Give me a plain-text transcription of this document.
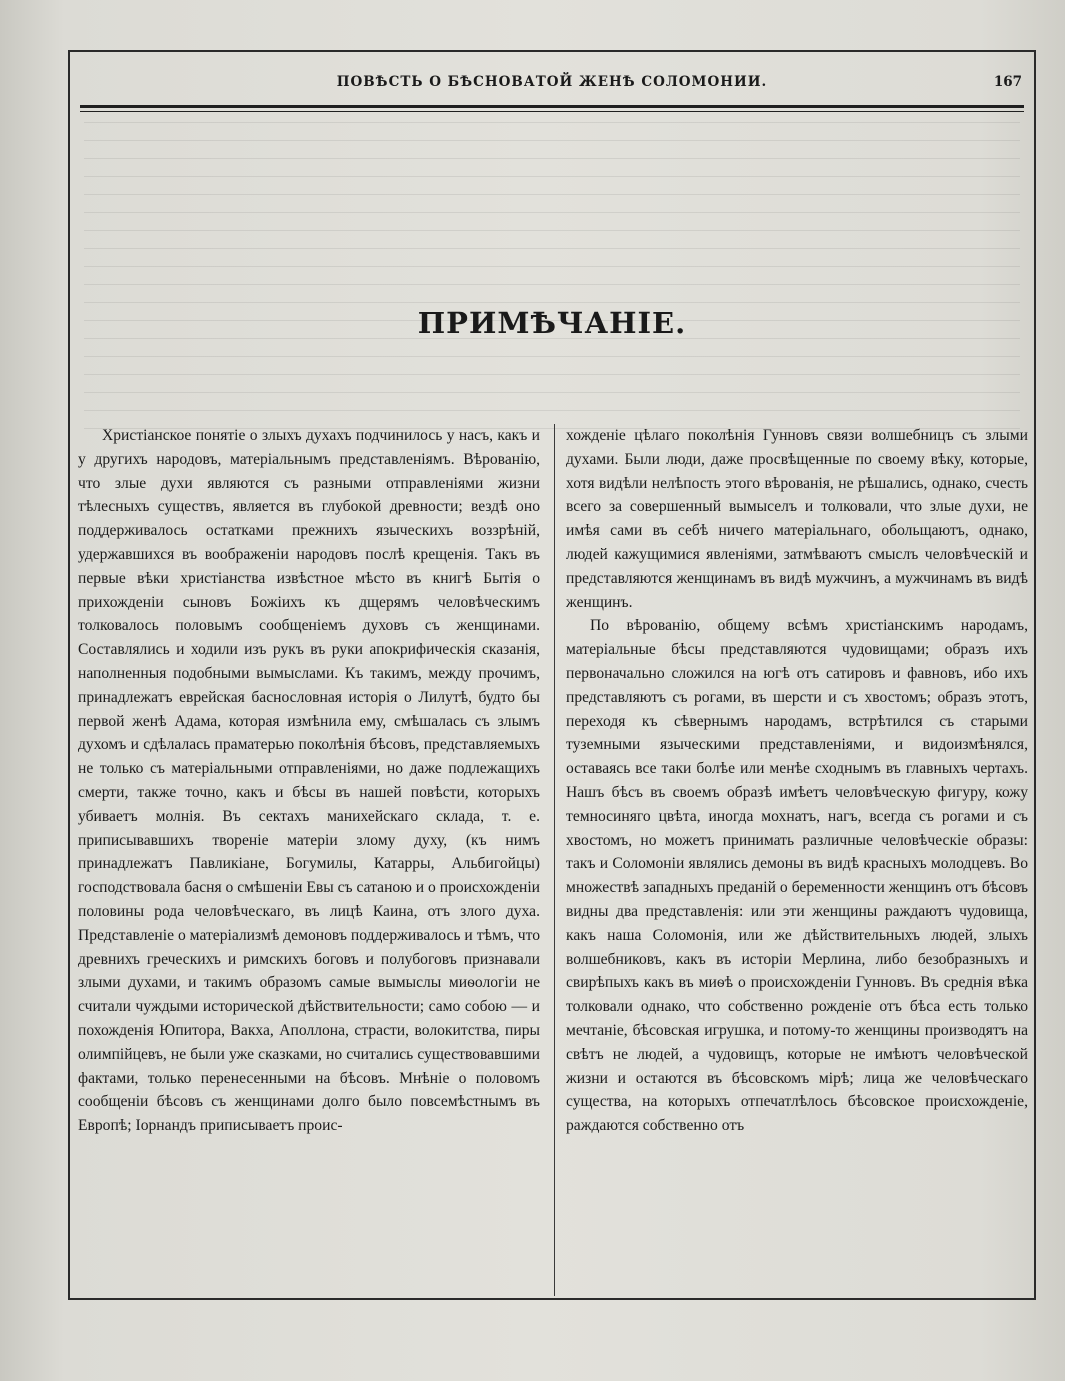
ПОВѢСТЬ О БѢСНОВАТОЙ ЖЕНѢ СОЛОМОНИИ.	167
ПРИМѢЧАНІЕ.

Христіанское понятіе о злыхъ духахъ подчинилось у насъ, какъ и у другихъ народовъ, матеріальнымъ представленіямъ. Вѣрованію, что злые духи являются съ разными отправленіями жизни тѣлесныхъ существъ, является въ глубокой древности; вездѣ оно поддерживалось остатками прежнихъ языческихъ воззрѣній, удержавшихся въ воображеніи народовъ послѣ крещенія. Такъ въ первые вѣки христіанства извѣстное мѣсто въ книгѣ Бытія о прихожденіи сыновъ Божіихъ къ дщерямъ человѣческимъ толковалось половымъ сообщеніемъ духовъ съ женщинами. Составлялись и ходили изъ рукъ въ руки апокрифическія сказанія, наполненныя подобными вымыслами. Къ такимъ, между прочимъ, принадлежатъ еврейская баснословная исторія о Лилутѣ, будто бы первой женѣ Адама, которая измѣнила ему, смѣшалась съ злымъ духомъ и сдѣлалась праматерью поколѣнія бѣсовъ, представляемыхъ не только съ матеріальными отправленіями, но даже подлежащихъ смерти, также точно, какъ и бѣсы въ нашей повѣсти, которыхъ убиваетъ молнія. Въ сектахъ манихейскаго склада, т. е. приписывавшихъ твореніе матеріи злому духу, (къ нимъ принадлежатъ Павликіане, Богумилы, Катарры, Альбигойцы) господствовала басня о смѣшеніи Евы съ сатаною и о происхожденіи половины рода человѣческаго, въ лицѣ Каина, отъ злого духа. Представленіе о матеріализмѣ демоновъ поддерживалось и тѣмъ, что древнихъ греческихъ и римскихъ боговъ и полубоговъ признавали злыми духами, и такимъ образомъ самые вымыслы миѳологіи не считали чуждыми исторической дѣйствительности; само собою — и похожденія Юпитора, Вакха, Аполлона, страсти, волокитства, пиры олимпійцевъ, не были уже сказками, но считались существовавшими фактами, только перенесенными на бѣсовъ. Мнѣніе о половомъ сообщеніи бѣсовъ съ женщинами долго было повсемѣстнымъ въ Европѣ; Іорнандъ приписываетъ проис-

хожденіе цѣлаго поколѣнія Гунновъ связи волшебницъ съ злыми духами. Были люди, даже просвѣщенные по своему вѣку, которые, хотя видѣли нелѣпость этого вѣрованія, не рѣшались, однако, счесть всего за совершенный вымыселъ и толковали, что злые духи, не имѣя сами въ себѣ ничего матеріальнаго, обольщаютъ, однако, людей кажущимися явленіями, затмѣваютъ смыслъ человѣческій и представляются женщинамъ въ видѣ мужчинъ, а мужчинамъ въ видѣ женщинъ.

По вѣрованію, общему всѣмъ христіанскимъ народамъ, матеріальные бѣсы представляются чудовищами; образъ ихъ первоначально сложился на югѣ отъ сатировъ и фавновъ, ибо ихъ представляютъ съ рогами, въ шерсти и съ хвостомъ; образъ этотъ, переходя къ сѣвернымъ народамъ, встрѣтился съ старыми туземными языческими представленіями, и видоизмѣнялся, оставаясь все таки болѣе или менѣе сходнымъ въ главныхъ чертахъ. Нашъ бѣсъ въ своемъ образѣ имѣетъ человѣческую фигуру, кожу темносиняго цвѣта, иногда мохнатъ, нагъ, всегда съ рогами и съ хвостомъ, но можетъ принимать различные человѣческіе образы: такъ и Соломоніи являлись демоны въ видѣ красныхъ молодцевъ. Во множествѣ западныхъ преданій о беременности женщинъ отъ бѣсовъ видны два представленія: или эти женщины раждаютъ чудовища, какъ наша Соломонія, или же дѣйствительныхъ людей, злыхъ волшебниковъ, какъ въ исторіи Мерлина, либо безобразныхъ и свирѣпыхъ какъ въ миѳѣ о происхожденіи Гунновъ. Въ среднія вѣка толковали однако, что собственно рожденіе отъ бѣса есть только мечтаніе, бѣсовская игрушка, и потому-то женщины производятъ на свѣтъ не людей, а чудовищъ, которые не имѣютъ человѣческой жизни и остаются въ бѣсовскомъ мірѣ; лица же человѣческаго существа, на которыхъ отпечатлѣлось бѣсовское происхожденіе, раждаются собственно отъ
